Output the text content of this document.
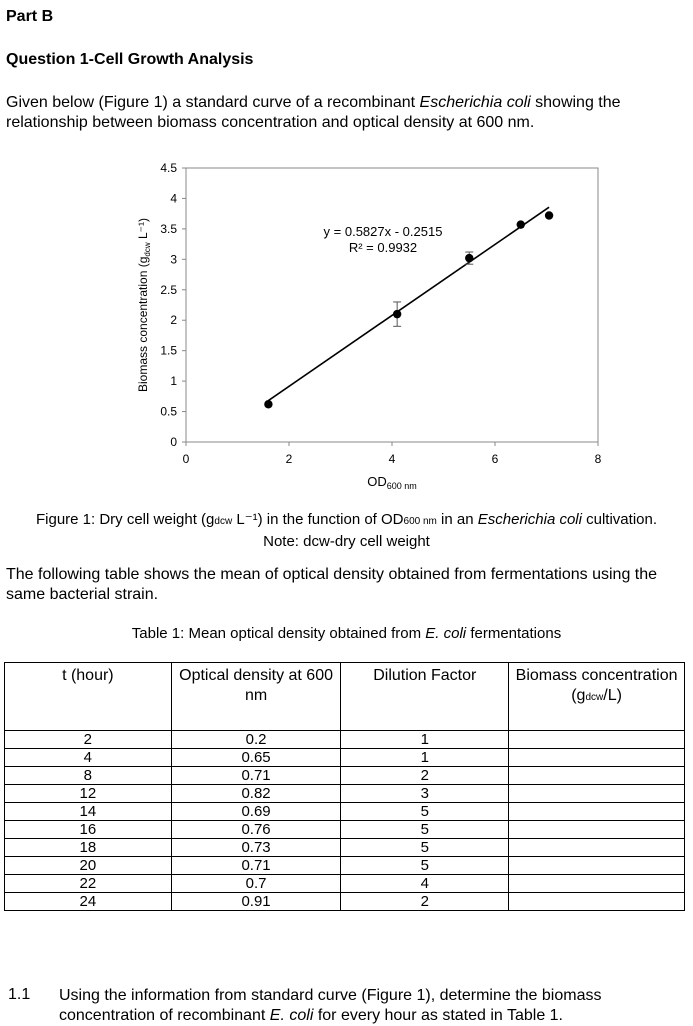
Part B
Question 1-Cell Growth Analysis
Given below (Figure 1) a standard curve of a recombinant Escherichia coli showing the relationship between biomass concentration and optical density at 600 nm.
0
0.5
1
1.5
2
2.5
3
3.5
4
4.5
0	2	4	6	8
y = 0.5827x - 0.2515
R² = 0.9932
$OD_{600 nm}$
Biomass concentration ($g_{dcw}$ L⁻¹)
Figure 1: Dry cell weight (gdcw L⁻¹) in the function of OD600 nm in an Escherichia coli cultivation.
Note: dcw-dry cell weight
The following table shows the mean of optical density obtained from fermentations using the same bacterial strain.
Table 1: Mean optical density obtained from E. coli fermentations
t (hour)	Optical density at 600 nm	Dilution Factor	Biomass concentration
(gdcw/L)
2	0.2	1	
4	0.65	1	
8	0.71	2	
12	0.82	3	
14	0.69	5	
16	0.76	5	
18	0.73	5	
20	0.71	5	
22	0.7	4	
24	0.91	2	
1.1 Using the information from standard curve (Figure 1), determine the biomass concentration of recombinant E. coli for every hour as stated in Table 1.
